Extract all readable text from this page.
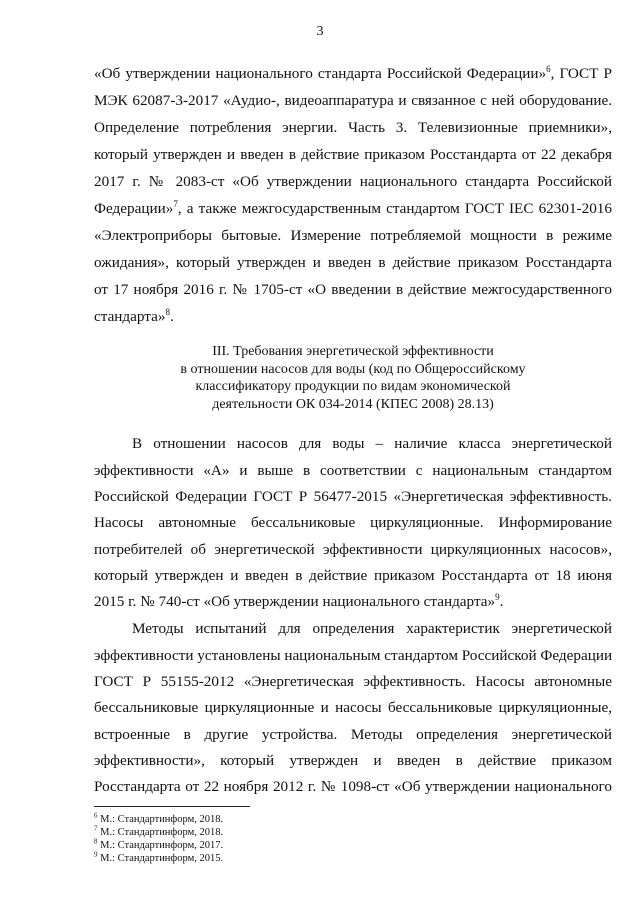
3
«Об утверждении национального стандарта Российской Федерации»$^6$, ГОСТ Р
МЭК 62087-3-2017 «Аудио-, видеоаппаратура и связанное с ней оборудование.
Определение потребления энергии. Часть 3. Телевизионные приемники»,
который утвержден и введен в действие приказом Росстандарта от 22 декабря
2017 г. № 2083-ст «Об утверждении национального стандарта Российской
Федерации»$^7$, а также межгосударственным стандартом ГОСТ IEC 62301-2016
«Электроприборы бытовые. Измерение потребляемой мощности в режиме
ожидания», который утвержден и введен в действие приказом Росстандарта
от 17 ноября 2016 г. № 1705-ст «О введении в действие межгосударственного
стандарта»$^8$.
III. Требования энергетической эффективности
в отношении насосов для воды (код по Общероссийскому
классификатору продукции по видам экономической
деятельности ОК 034-2014 (КПЕС 2008) 28.13)
В отношении насосов для воды – наличие класса энергетической
эффективности «А» и выше в соответствии с национальным стандартом
Российской Федерации ГОСТ Р 56477-2015 «Энергетическая эффективность.
Насосы автономные бессальниковые циркуляционные. Информирование
потребителей об энергетической эффективности циркуляционных насосов»,
который утвержден и введен в действие приказом Росстандарта от 18 июня
2015 г. № 740-ст «Об утверждении национального стандарта»$^9$.
Методы испытаний для определения характеристик энергетической
эффективности установлены национальным стандартом Российской Федерации
ГОСТ Р 55155-2012 «Энергетическая эффективность. Насосы автономные
бессальниковые циркуляционные и насосы бессальниковые циркуляционные,
встроенные в другие устройства. Методы определения энергетической
эффективности», который утвержден и введен в действие приказом
Росстандарта от 22 ноября 2012 г. № 1098-ст «Об утверждении национального
$^6$ М.: Стандартинформ, 2018.
$^7$ М.: Стандартинформ, 2018.
$^8$ М.: Стандартинформ, 2017.
$^9$ М.: Стандартинформ, 2015.
